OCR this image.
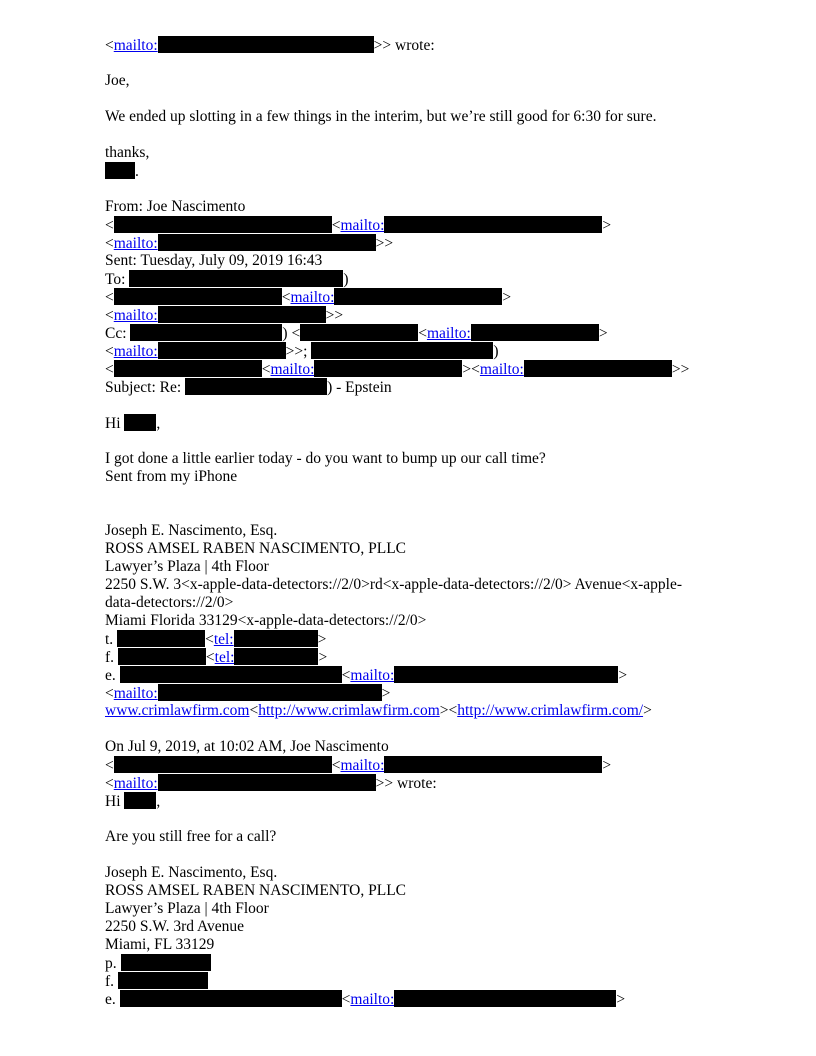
<mailto:	>> wrote:
Joe,
We ended up slotting in a few things in the interim, but we’re still good for 6:30 for sure.
thanks,
.
From: Joe Nascimento
<	<mailto:	>
<mailto:	>>
Sent: Tuesday, July 09, 2019 16:43
To:	)
<	<mailto:	>
<mailto:	>>
Cc:	) <	<mailto:	>
<mailto:	>>;	)
<	<mailto:	><mailto:	>>
Subject: Re:	) - Epstein
Hi ,
I got done a little earlier today - do you want to bump up our call time?
Sent from my iPhone
Joseph E. Nascimento, Esq.
ROSS AMSEL RABEN NASCIMENTO, PLLC
Lawyer’s Plaza | 4th Floor
2250 S.W. 3<x-apple-data-detectors://2/0>rd<x-apple-data-detectors://2/0> Avenue<x-apple-data-detectors://2/0>
Miami Florida 33129<x-apple-data-detectors://2/0>
t.	<tel:	>
f.	<tel:	>
e.	<mailto:	>
<mailto:	>
www.crimlawfirm.com<http://www.crimlawfirm.com><http://www.crimlawfirm.com/>
On Jul 9, 2019, at 10:02 AM, Joe Nascimento
<	<mailto:	>
<mailto:	>> wrote:
Hi ,
Are you still free for a call?
Joseph E. Nascimento, Esq.
ROSS AMSEL RABEN NASCIMENTO, PLLC
Lawyer’s Plaza | 4th Floor
2250 S.W. 3rd Avenue
Miami, FL 33129
p.
f.
e.	<mailto:	>
